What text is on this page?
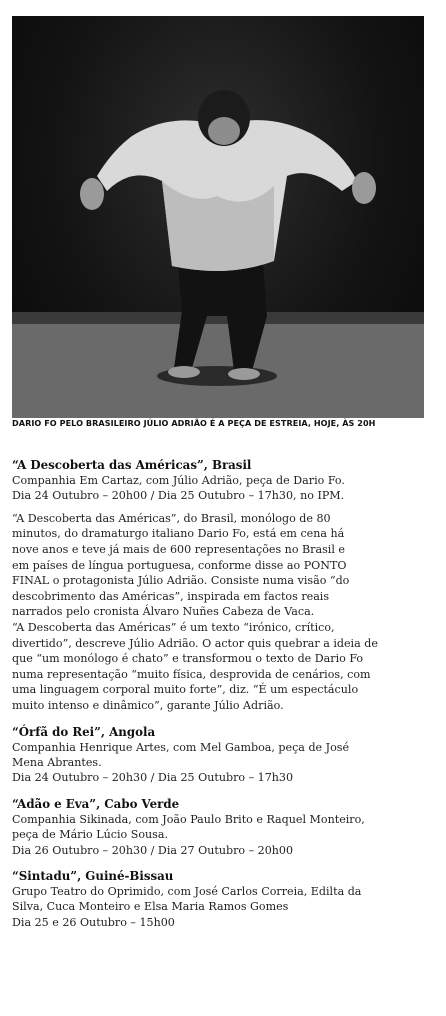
DARIO FO PELO BRASILEIRO JÚLIO ADRIÃO É A PEÇA DE ESTREIA, HOJE, ÀS 20H
“A Descoberta das Américas”, Brasil
Companhia Em Cartaz, com Júlio Adrião, peça de Dario Fo.
Dia 24 Outubro – 20h00 / Dia 25 Outubro – 17h30, no IPM.
“A Descoberta das Américas”, do Brasil, monólogo de 80
minutos, do dramaturgo italiano Dario Fo, está em cena há
nove anos e teve já mais de 600 representações no Brasil e
em países de língua portuguesa, conforme disse ao PONTO
FINAL o protagonista Júlio Adrião. Consiste numa visão “do
descobrimento das Américas”, inspirada em factos reais
narrados pelo cronista Álvaro Nuñes Cabeza de Vaca.
“A Descoberta das Américas” é um texto “irónico, crítico,
divertido”, descreve Júlio Adrião. O actor quis quebrar a ideia de
que “um monólogo é chato” e transformou o texto de Dario Fo
numa representação “muito física, desprovida de cenários, com
uma linguagem corporal muito forte”, diz. “É um espectáculo
muito intenso e dinâmico”, garante Júlio Adrião.
“Órfã do Rei”, Angola
Companhia Henrique Artes, com Mel Gamboa, peça de José
Mena Abrantes.
Dia 24 Outubro – 20h30 / Dia 25 Outubro – 17h30
“Adão e Eva”, Cabo Verde
Companhia Sikinada, com João Paulo Brito e Raquel Monteiro,
peça de Mário Lúcio Sousa.
Dia 26 Outubro – 20h30 / Dia 27 Outubro – 20h00
“Sintadu”, Guiné-Bissau
Grupo Teatro do Oprimido, com José Carlos Correia, Edilta da
Silva, Cuca Monteiro e Elsa Maria Ramos Gomes
Dia 25 e 26 Outubro – 15h00
